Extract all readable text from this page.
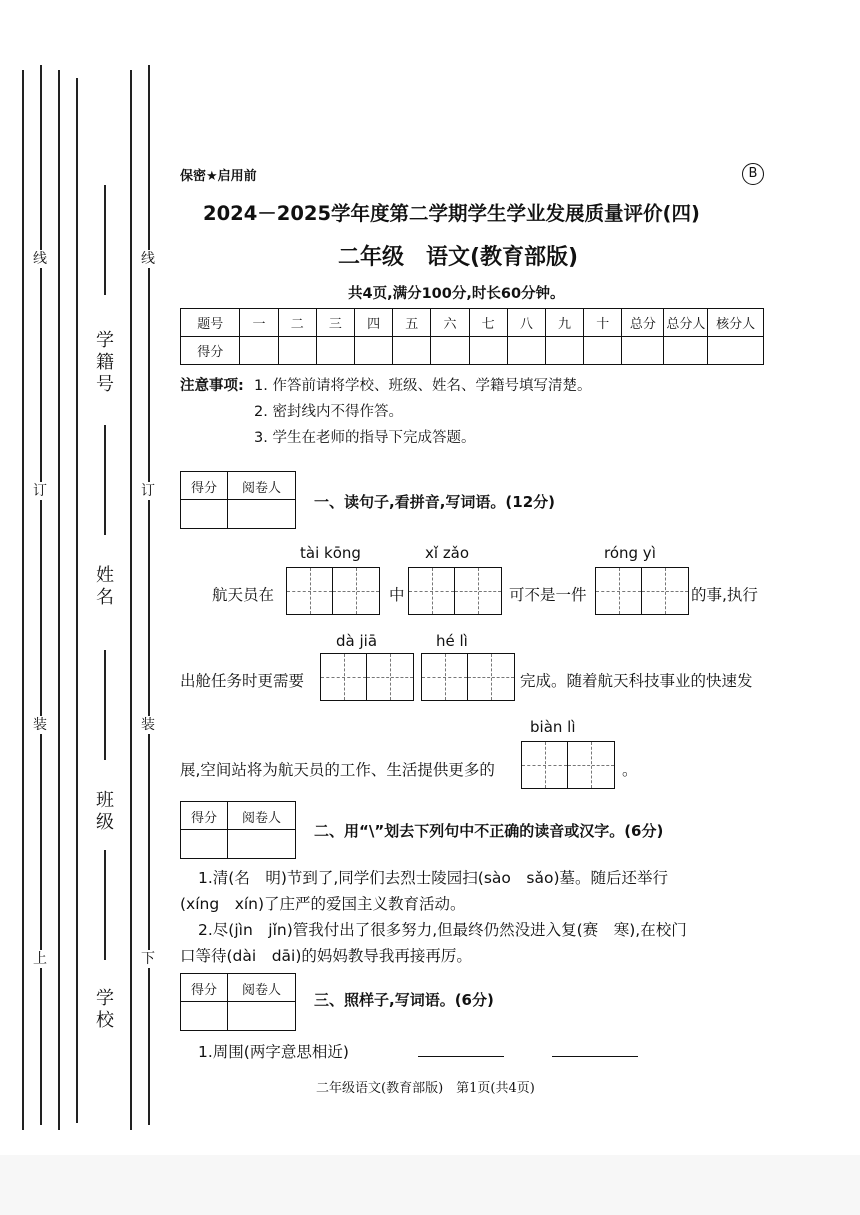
线
订
装
上
线
订
装
下
学籍号
姓名
班级
学校
保密★启用前	B
2024－2025学年度第二学期学生学业发展质量评价(四)
二年级　语文(教育部版)
共4页,满分100分,时长60分钟。
题号	一	二	三	四	五	六	七	八	九	十	总分	总分人	核分人
得分													
注意事项: 1. 作答前请将学校、班级、姓名、学籍号填写清楚。
2. 密封线内不得作答。
3. 学生在老师的指导下完成答题。
得分	阅卷人
一、读句子,看拼音,写词语。(12分)
tài kōng	xǐ zǎo	róng yì
航天员在	中	可不是一件	的事,执行
dà jiā	hé lì
出舱任务时更需要	完成。随着航天科技事业的快速发
biàn lì
展,空间站将为航天员的工作、生活提供更多的	。
得分	阅卷人
二、用“\”划去下列句中不正确的读音或汉字。(6分)
1.清(名　明)节到了,同学们去烈士陵园扫(sào　sǎo)墓。随后还举行
(xíng　xín)了庄严的爱国主义教育活动。
2.尽(jìn　jǐn)管我付出了很多努力,但最终仍然没进入复(赛　寒),在校门
口等待(dài　dāi)的妈妈教导我再接再厉。
得分	阅卷人
三、照样子,写词语。(6分)
1.周围(两字意思相近)
二年级语文(教育部版)　第1页(共4页)
